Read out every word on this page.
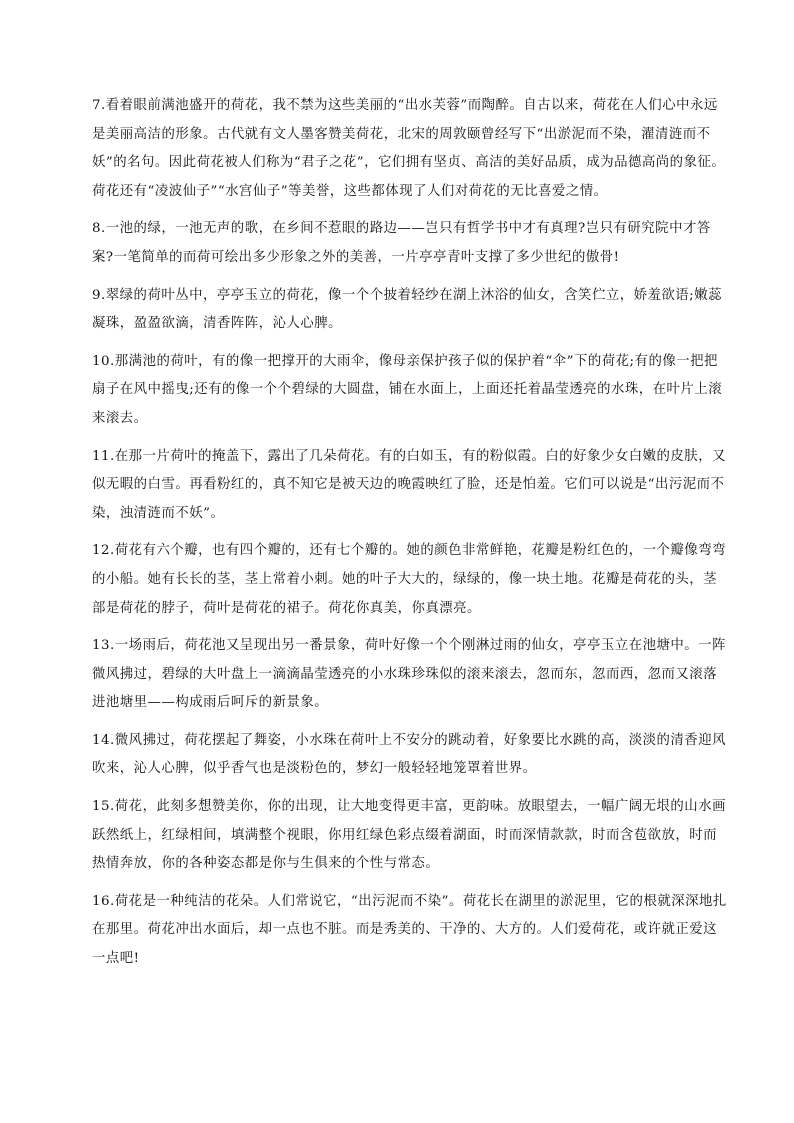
7.看着眼前满池盛开的荷花，我不禁为这些美丽的“出水芙蓉”而陶醉。自古以来，荷花在人们心中永远是美丽高洁的形象。古代就有文人墨客赞美荷花，北宋的周敦颐曾经写下“出淤泥而不染，濯清涟而不妖”的名句。因此荷花被人们称为“君子之花”，它们拥有坚贞、高洁的美好品质，成为品德高尚的象征。荷花还有“凌波仙子”“水宫仙子”等美誉，这些都体现了人们对荷花的无比喜爱之情。

8.一池的绿，一池无声的歌，在乡间不惹眼的路边——岂只有哲学书中才有真理?岂只有研究院中才答案?一笔简单的而荷可绘出多少形象之外的美善，一片亭亭青叶支撑了多少世纪的傲骨!

9.翠绿的荷叶丛中，亭亭玉立的荷花，像一个个披着轻纱在湖上沐浴的仙女，含笑伫立，娇羞欲语;嫩蕊凝珠，盈盈欲滴，清香阵阵，沁人心脾。

10.那满池的荷叶，有的像一把撑开的大雨伞，像母亲保护孩子似的保护着“伞”下的荷花;有的像一把把扇子在风中摇曳;还有的像一个个碧绿的大圆盘，铺在水面上，上面还托着晶莹透亮的水珠，在叶片上滚来滚去。

11.在那一片荷叶的掩盖下，露出了几朵荷花。有的白如玉，有的粉似霞。白的好象少女白嫩的皮肤，又似无暇的白雪。再看粉红的，真不知它是被天边的晚霞映红了脸，还是怕羞。它们可以说是“出污泥而不染，浊清涟而不妖”。

12.荷花有六个瓣，也有四个瓣的，还有七个瓣的。她的颜色非常鲜艳，花瓣是粉红色的，一个瓣像弯弯的小船。她有长长的茎，茎上常着小刺。她的叶子大大的，绿绿的，像一块土地。花瓣是荷花的头，茎部是荷花的脖子，荷叶是荷花的裙子。荷花你真美，你真漂亮。

13.一场雨后，荷花池又呈现出另一番景象，荷叶好像一个个刚淋过雨的仙女，亭亭玉立在池塘中。一阵微风拂过，碧绿的大叶盘上一滴滴晶莹透亮的小水珠珍珠似的滚来滚去，忽而东，忽而西，忽而又滚落进池塘里——构成雨后呵斥的新景象。

14.微风拂过，荷花摆起了舞姿，小水珠在荷叶上不安分的跳动着，好象要比水跳的高，淡淡的清香迎风吹来，沁人心脾，似乎香气也是淡粉色的，梦幻一般轻轻地笼罩着世界。

15.荷花，此刻多想赞美你，你的出现，让大地变得更丰富，更韵味。放眼望去，一幅广阔无垠的山水画跃然纸上，红绿相间，填满整个视眼，你用红绿色彩点缀着湖面，时而深情款款，时而含苞欲放，时而热情奔放，你的各种姿态都是你与生俱来的个性与常态。

16.荷花是一种纯洁的花朵。人们常说它，“出污泥而不染”。荷花长在湖里的淤泥里，它的根就深深地扎在那里。荷花冲出水面后，却一点也不脏。而是秀美的、干净的、大方的。人们爱荷花，或许就正爱这一点吧!
